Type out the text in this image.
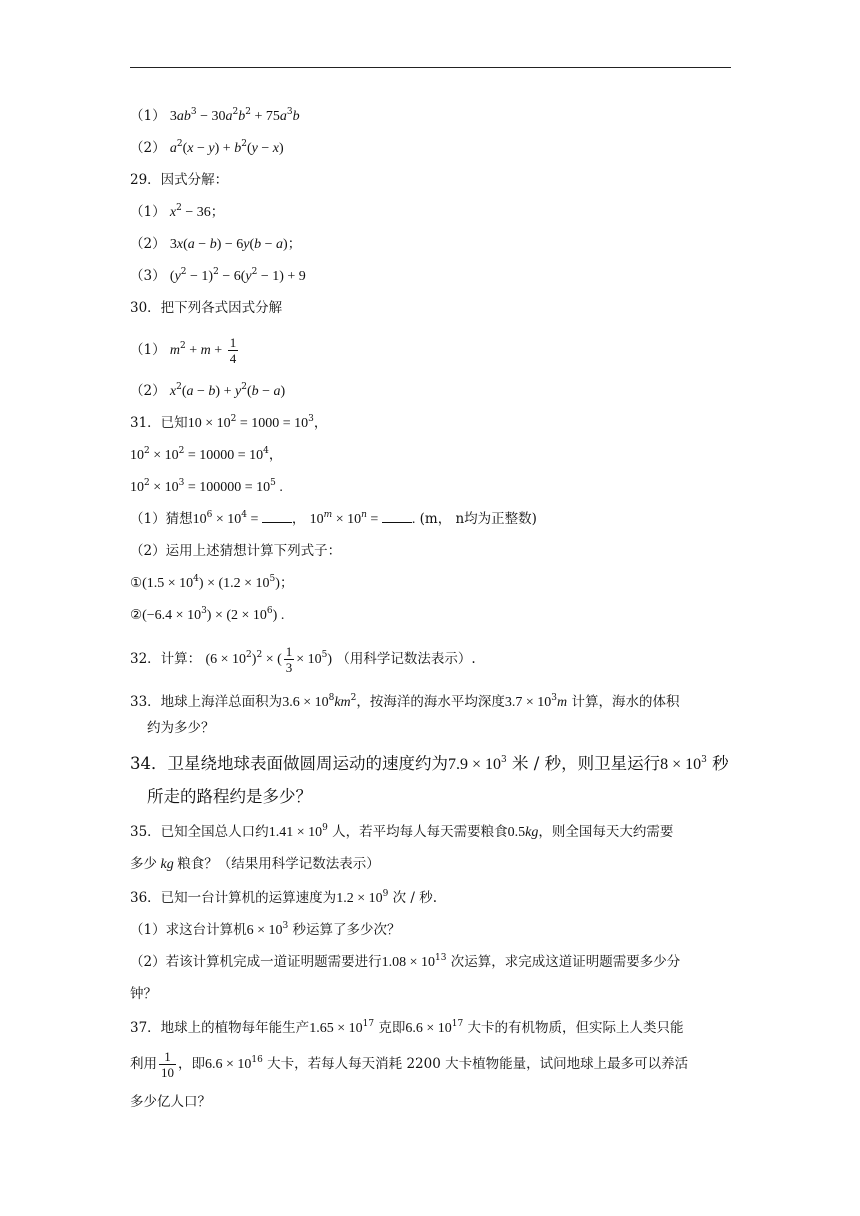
（1） $3ab^3 - 30a^2b^2 + 75a^3b$
（2） $a^2(x - y) + b^2(y - x)$
29．因式分解：
（1） $x^2 - 36$；
（2） 3x(a − b) − 6y(b − a)；
（3） $(y^2 - 1)^2 - 6(y^2 - 1) + 9$
30．把下列各式因式分解
（1） $m^2 + m + \frac{1}{4}$
（2） $x^2(a - b) + y^2(b - a)$
31．已知$10 \times 10^2 = 1000 = 10^3$，
$10^2 \times 10^2 = 10000 = 10^4$，
$10^2 \times 10^3 = 100000 = 10^5$ .
（1）猜想$10^6 \times 10^4$ = ， $10^m \times 10^n$ = . (m， n均为正整数)
（2）运用上述猜想计算下列式子：
①(1.5 × $10^4) \times (1.2 \times 10^5)$；
②(−6.4 × $10^3) \times (2 \times 10^6)$ .
32．计算： $(6 \times 10^2)^2$ × ( $\frac{1}{3} \times 10^5$) （用科学记数法表示）.
33．地球上海洋总面积为$3.6 \times 10^8km^2$，按海洋的海水平均深度$3.7 \times 10^3m$ 计算，海水的体积
约为多少？
34．卫星绕地球表面做圆周运动的速度约为$7.9 \times 10^3$ 米 / 秒，则卫星运行$8 \times 10^3$ 秒
所走的路程约是多少？
35．已知全国总人口约$1.41 \times 10^9$ 人，若平均每人每天需要粮食0.5kg，则全国每天大约需要
多少 kg 粮食？（结果用科学记数法表示）
36．已知一台计算机的运算速度为$1.2 \times 10^9$ 次 / 秒.
（1）求这台计算机$6 \times 10^3$ 秒运算了多少次？
（2）若该计算机完成一道证明题需要进行$1.08 \times 10^{13}$ 次运算，求完成这道证明题需要多少分
钟？
37．地球上的植物每年能生产$1.65 \times 10^{17}$ 克即$6.6 \times 10^{17}$ 大卡的有机物质，但实际上人类只能
利用 $\frac{1}{10}$ ，即$6.6 \times 10^{16}$ 大卡，若每人每天消耗 2200 大卡植物能量，试问地球上最多可以养活
多少亿人口？
